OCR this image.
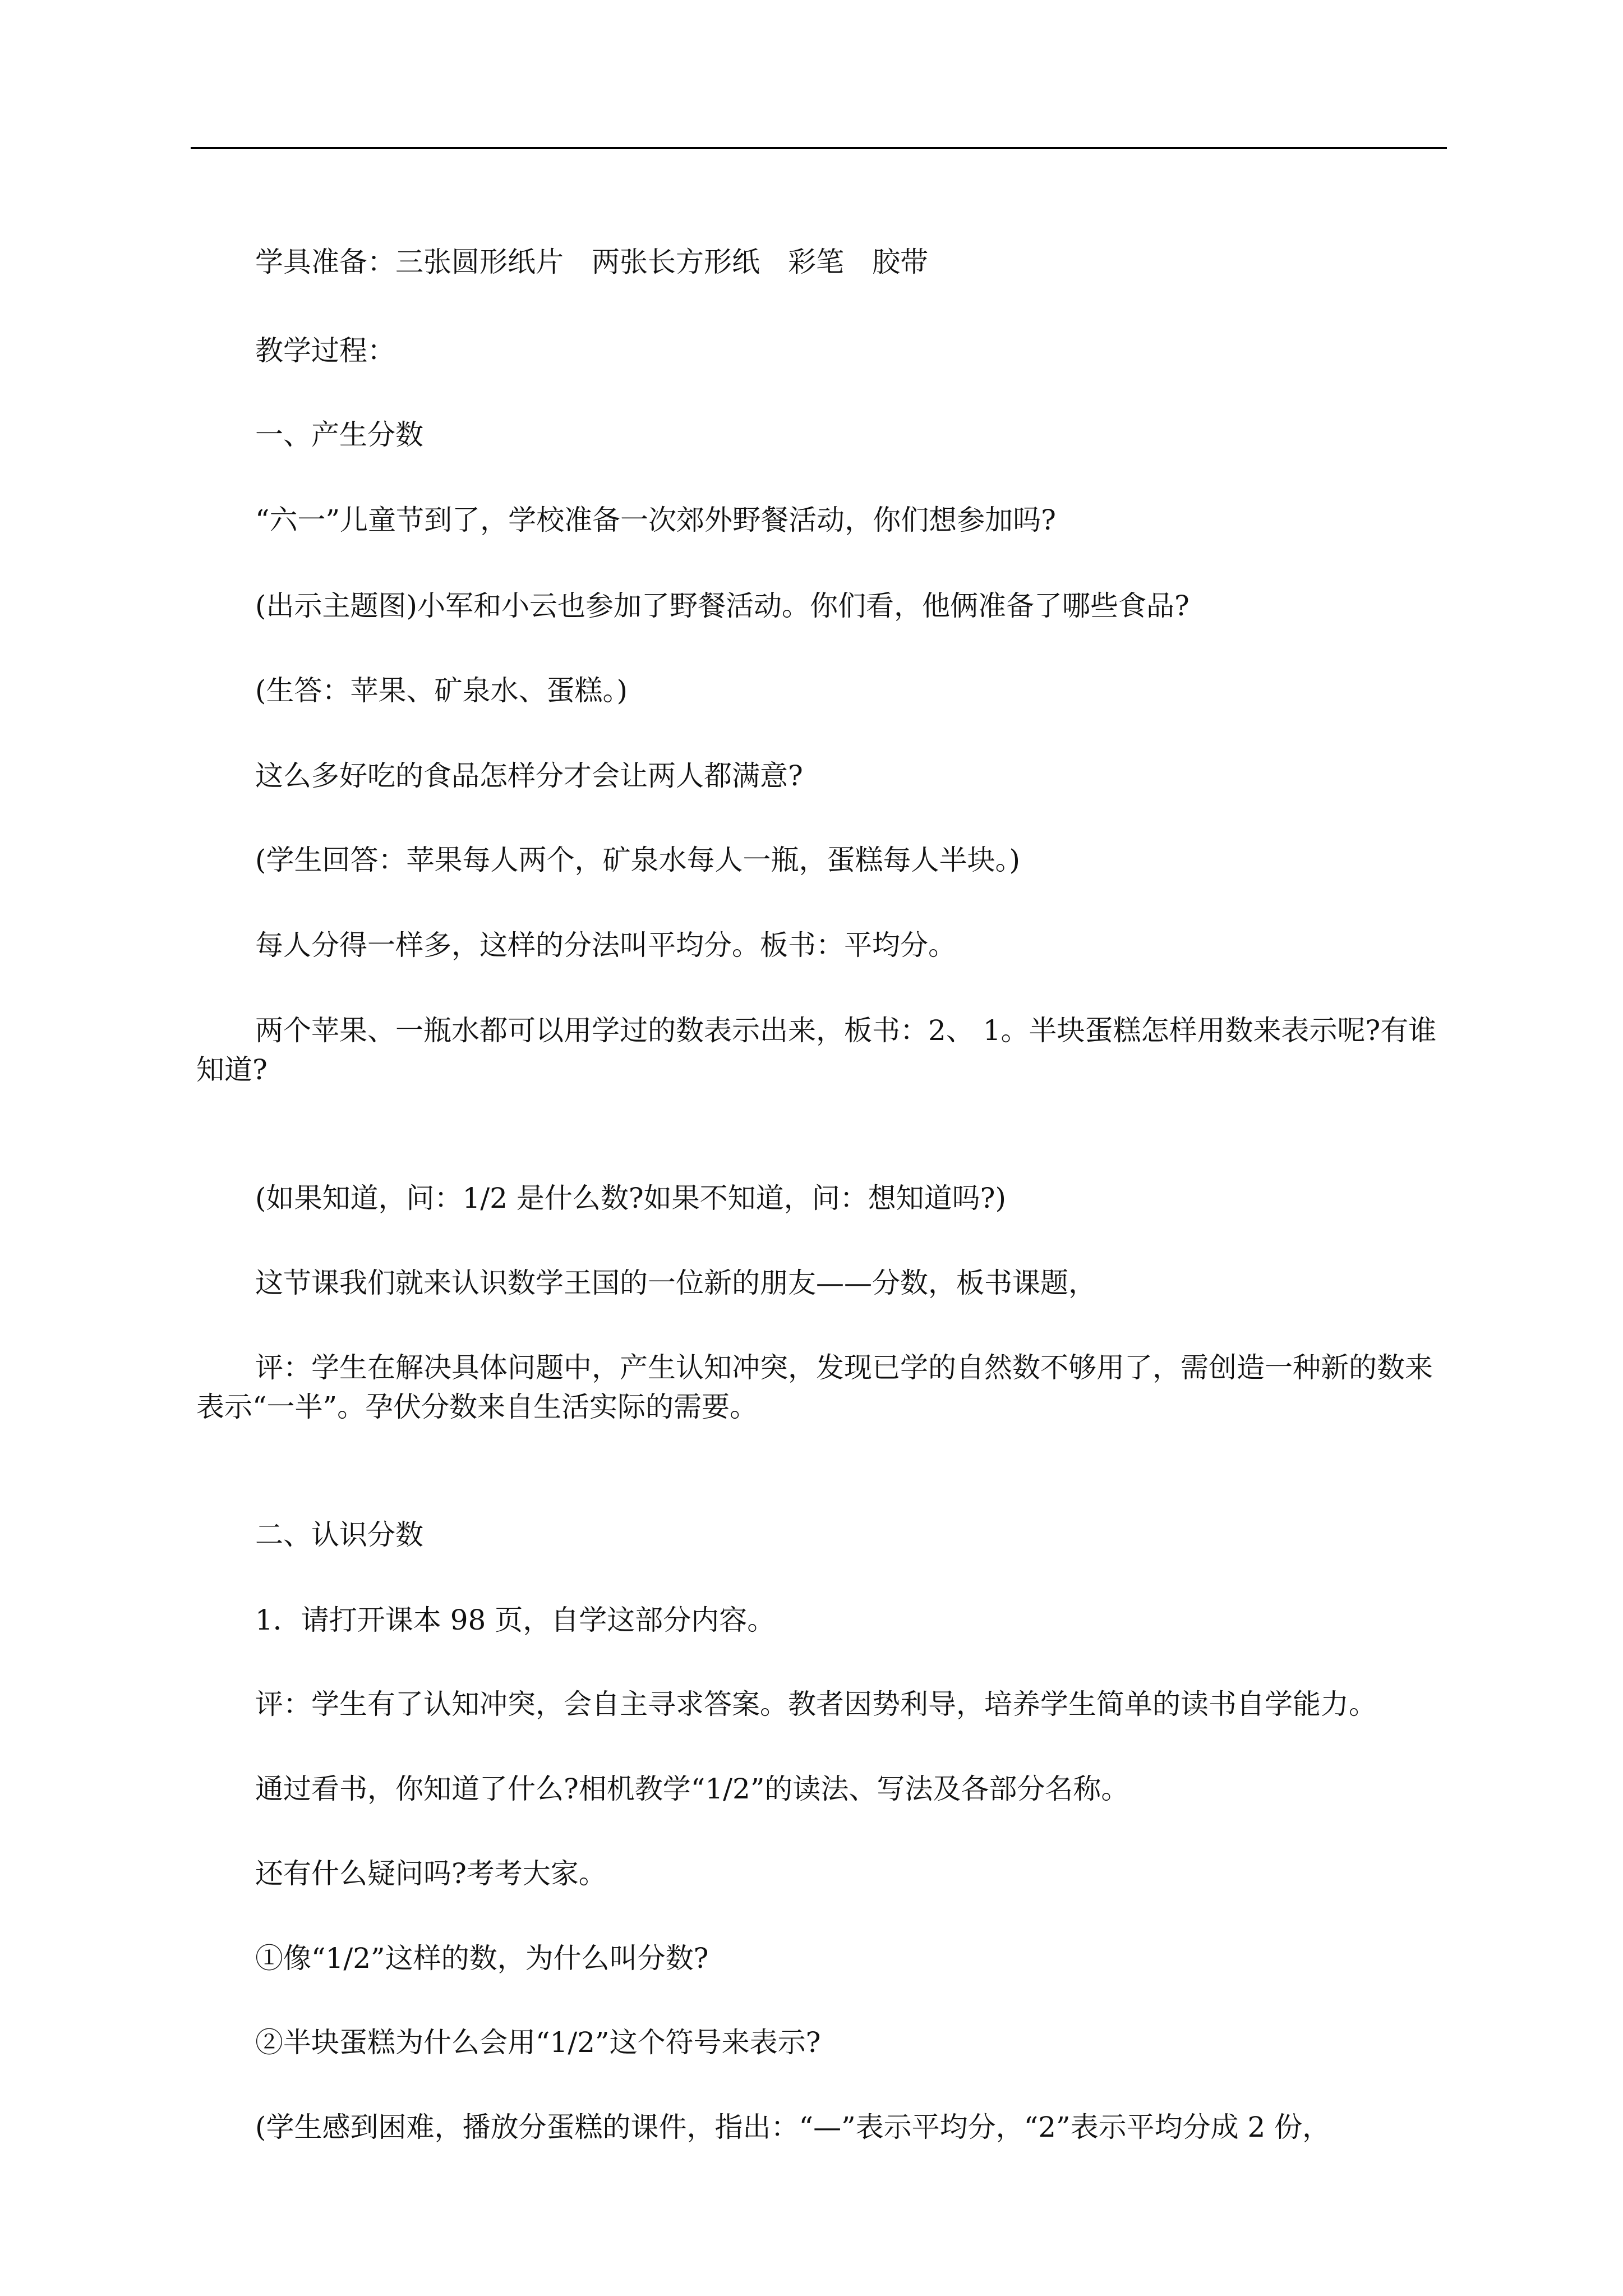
学具准备：三张圆形纸片　两张长方形纸　彩笔　胶带
教学过程：
一、产生分数
“六一”儿童节到了，学校准备一次郊外野餐活动，你们想参加吗?
(出示主题图)小军和小云也参加了野餐活动。你们看，他俩准备了哪些食品?
(生答：苹果、矿泉水、蛋糕。)
这么多好吃的食品怎样分才会让两人都满意?
(学生回答：苹果每人两个，矿泉水每人一瓶，蛋糕每人半块。)
每人分得一样多，这样的分法叫平均分。板书：平均分。
两个苹果、一瓶水都可以用学过的数表示出来，板书：2、 1。半块蛋糕怎样用数来表示呢?有谁知道?
(如果知道，问：1/2 是什么数?如果不知道，问：想知道吗?)
这节课我们就来认识数学王国的一位新的朋友——分数，板书课题，
评：学生在解决具体问题中，产生认知冲突，发现已学的自然数不够用了，需创造一种新的数来表示“一半”。孕伏分数来自生活实际的需要。
二、认识分数
1．请打开课本 98 页，自学这部分内容。
评：学生有了认知冲突，会自主寻求答案。教者因势利导，培养学生简单的读书自学能力。
通过看书，你知道了什么?相机教学“1/2”的读法、写法及各部分名称。
还有什么疑问吗?考考大家。
①像“1/2”这样的数，为什么叫分数?
②半块蛋糕为什么会用“1/2”这个符号来表示?
(学生感到困难，播放分蛋糕的课件，指出：“—”表示平均分，“2”表示平均分成 2 份，
